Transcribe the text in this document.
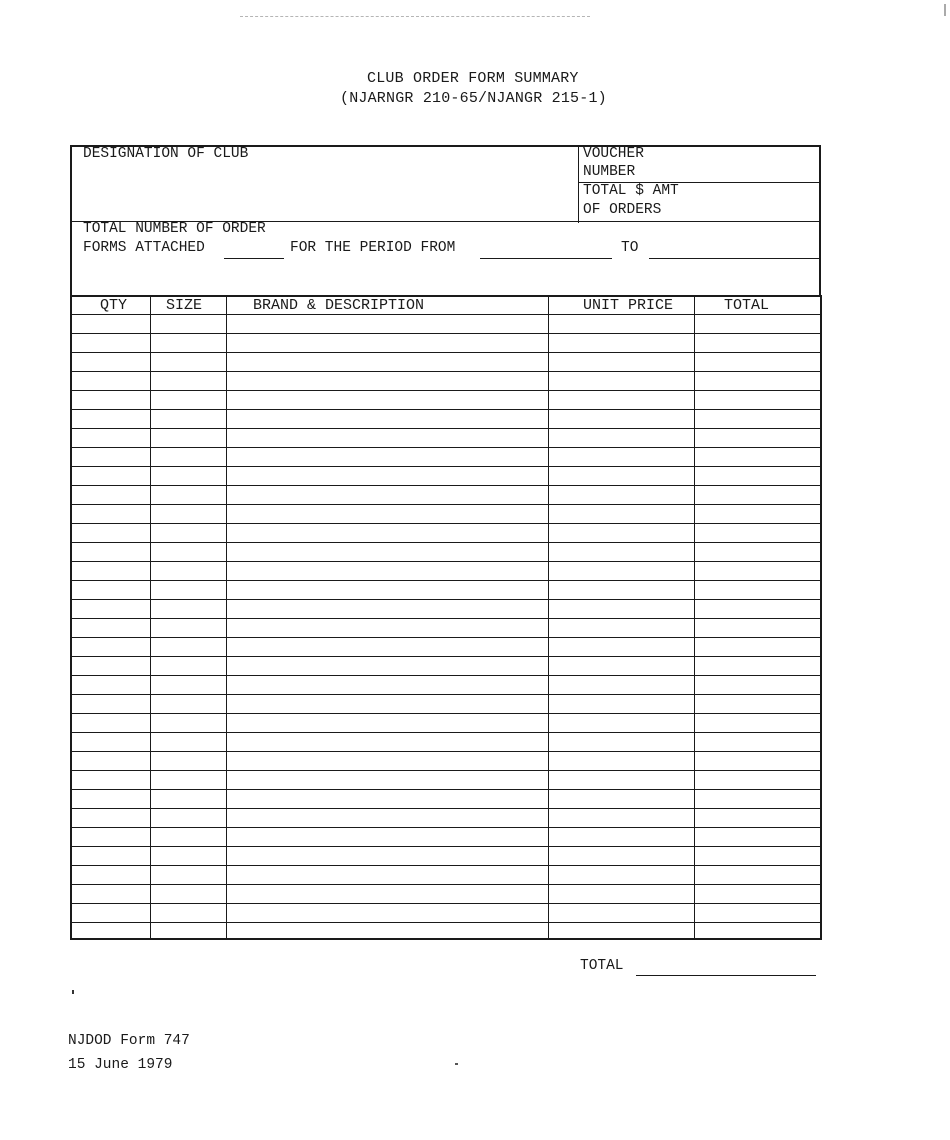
CLUB ORDER FORM SUMMARY
(NJARNGR 210-65/NJANGR 215-1)
DESIGNATION OF CLUB	VOUCHER
NUMBER
TOTAL $ AMT
OF ORDERS
TOTAL NUMBER OF ORDER
FORMS ATTACHED	FOR THE PERIOD FROM	TO
QTY	SIZE	BRAND & DESCRIPTION	UNIT PRICE	TOTAL
TOTAL
NJDOD Form 747
15 June 1979
